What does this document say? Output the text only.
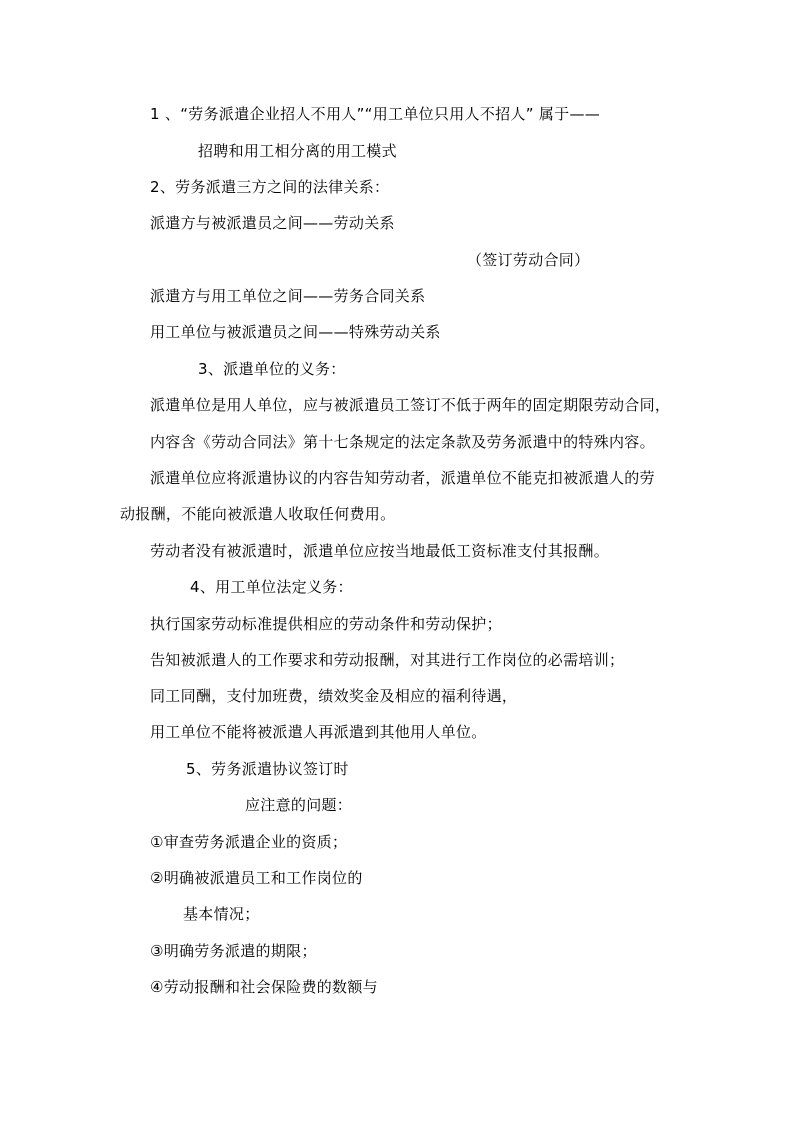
1 、“劳务派遣企业招人不用人”“用工单位只用人不招人” 属于——
招聘和用工相分离的用工模式
2、劳务派遣三方之间的法律关系：
派遣方与被派遣员之间——劳动关系
（签订劳动合同）
派遣方与用工单位之间——劳务合同关系
用工单位与被派遣员之间——特殊劳动关系
3、派遣单位的义务：
派遣单位是用人单位，应与被派遣员工签订不低于两年的固定期限劳动合同，
内容含《劳动合同法》第十七条规定的法定条款及劳务派遣中的特殊内容。
派遣单位应将派遣协议的内容告知劳动者，派遣单位不能克扣被派遣人的劳
动报酬，不能向被派遣人收取任何费用。
劳动者没有被派遣时，派遣单位应按当地最低工资标准支付其报酬。
4、用工单位法定义务：
执行国家劳动标准提供相应的劳动条件和劳动保护；
告知被派遣人的工作要求和劳动报酬，对其进行工作岗位的必需培训；
同工同酬，支付加班费，绩效奖金及相应的福利待遇，
用工单位不能将被派遣人再派遣到其他用人单位。
5、劳务派遣协议签订时
应注意的问题：
①审查劳务派遣企业的资质；
②明确被派遣员工和工作岗位的
基本情况；
③明确劳务派遣的期限；
④劳动报酬和社会保险费的数额与
